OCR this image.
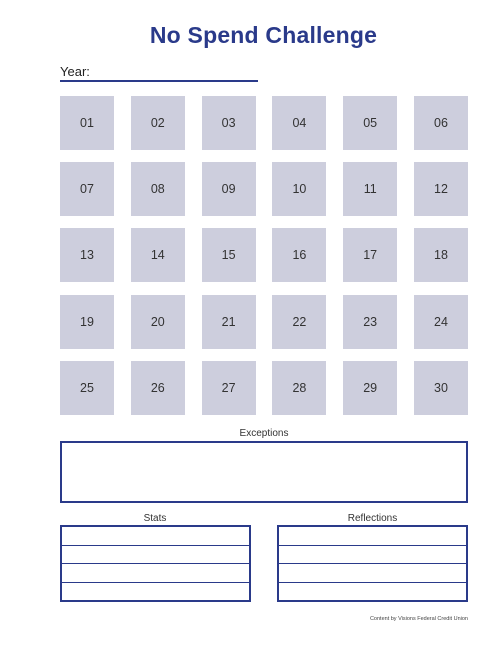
No Spend Challenge
Year:
01	02	03	04	05	06
07	08	09	10	11	12
13	14	15	16	17	18
19	20	21	22	23	24
25	26	27	28	29	30
Exceptions
Stats	Reflections
Content by Visions Federal Credit Union
